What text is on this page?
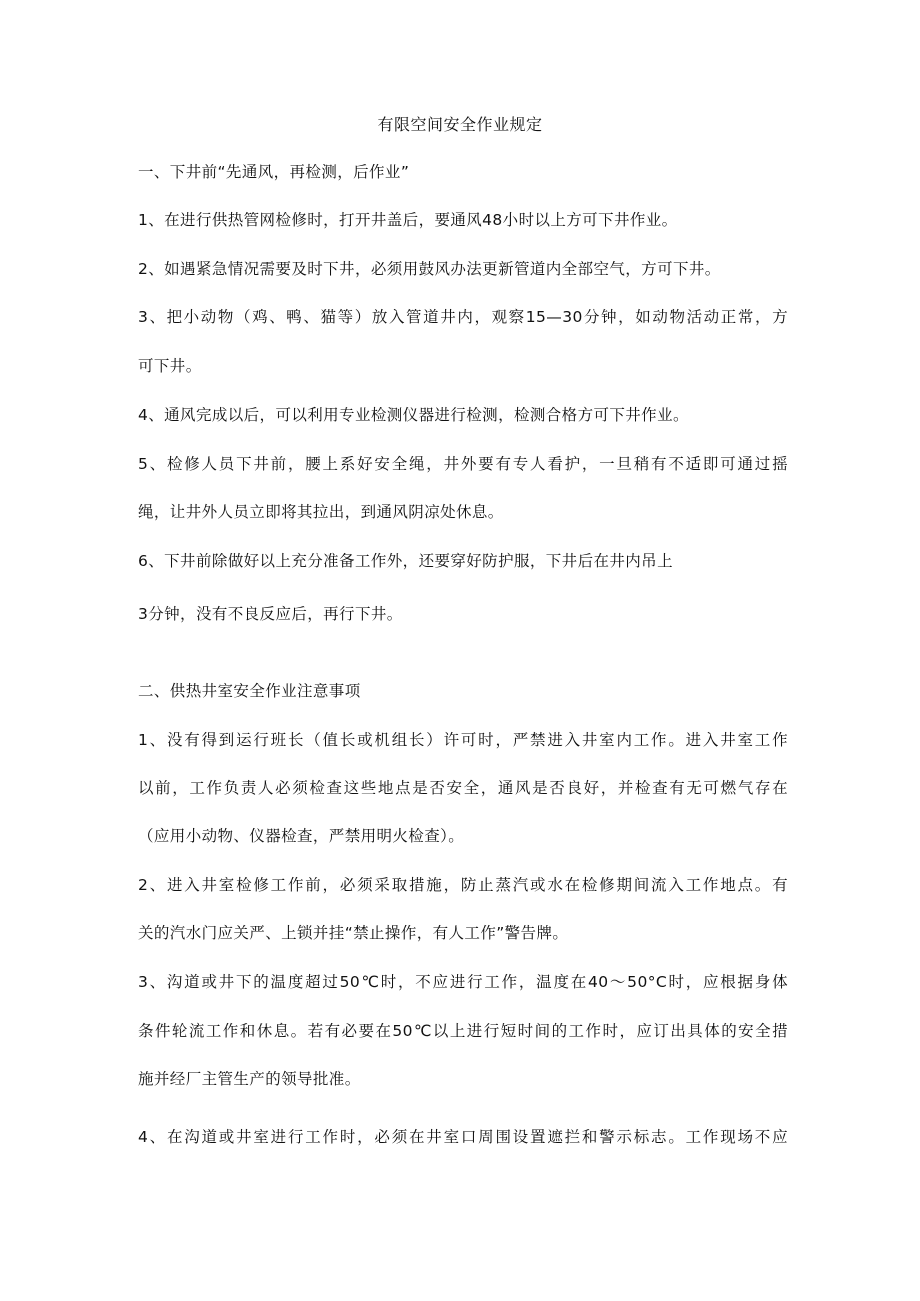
有限空间安全作业规定
一、下井前“先通风，再检测，后作业”
1、在进行供热管网检修时，打开井盖后，要通风48小时以上方可下井作业。
2、如遇紧急情况需要及时下井，必须用鼓风办法更新管道内全部空气，方可下井。
3、把小动物（鸡、鸭、猫等）放入管道井内，观察15—30分钟，如动物活动正常，方
可下井。
4、通风完成以后，可以利用专业检测仪器进行检测，检测合格方可下井作业。
5、检修人员下井前，腰上系好安全绳，井外要有专人看护，一旦稍有不适即可通过摇
绳，让井外人员立即将其拉出，到通风阴凉处休息。
6、下井前除做好以上充分准备工作外，还要穿好防护服，下井后在井内吊上
3分钟，没有不良反应后，再行下井。
二、供热井室安全作业注意事项
1、没有得到运行班长（值长或机组长）许可时，严禁进入井室内工作。进入井室工作
以前，工作负责人必须检查这些地点是否安全，通风是否良好，并检查有无可燃气存在
（应用小动物、仪器检查，严禁用明火检查）。
2、进入井室检修工作前，必须采取措施，防止蒸汽或水在检修期间流入工作地点。有
关的汽水门应关严、上锁并挂“禁止操作，有人工作”警告牌。
3、沟道或井下的温度超过50℃时，不应进行工作，温度在40～50°C时，应根据身体
条件轮流工作和休息。若有必要在50℃以上进行短时间的工作时，应订出具体的安全措
施并经厂主管生产的领导批准。
4、在沟道或井室进行工作时，必须在井室口周围设置遮拦和警示标志。工作现场不应
